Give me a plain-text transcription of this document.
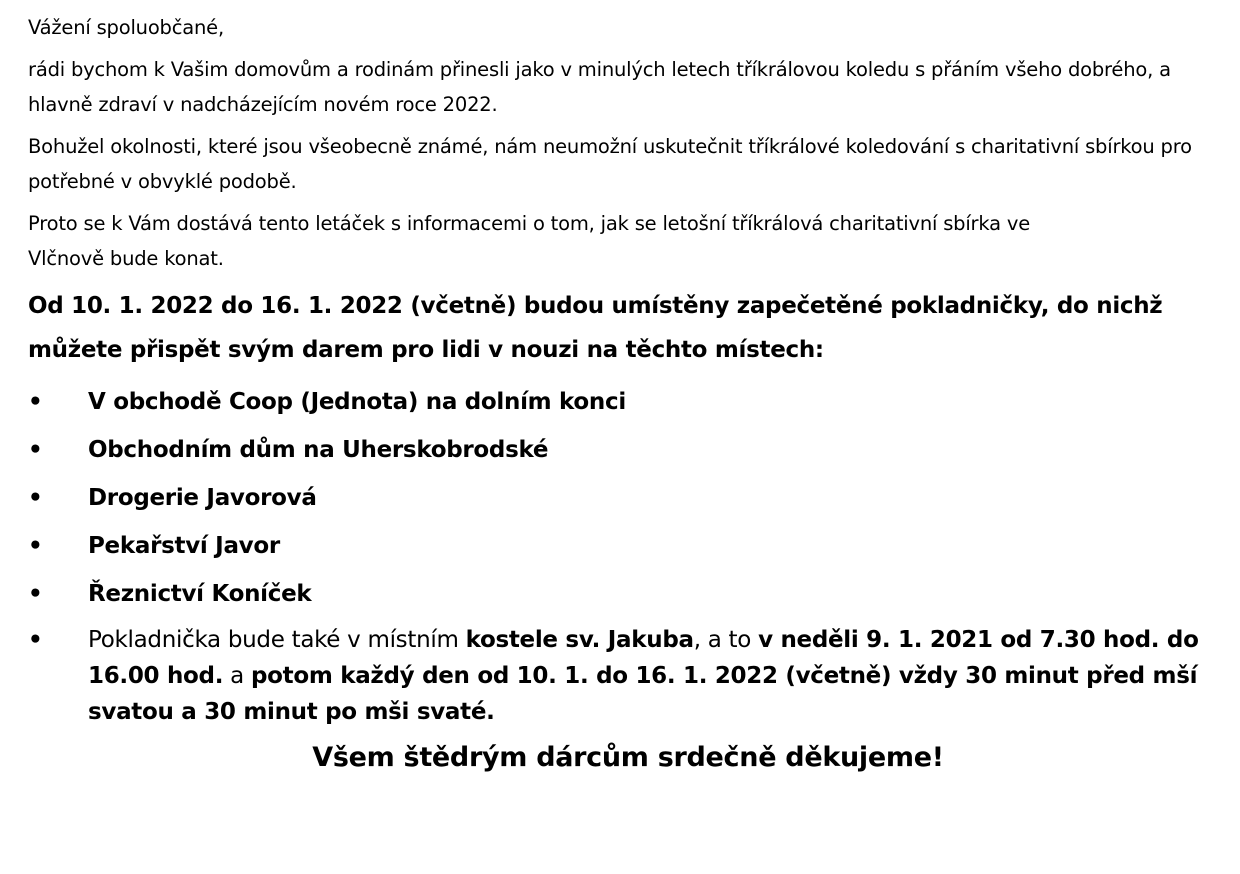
Vážení spoluobčané,

rádi bychom k Vašim domovům a rodinám přinesli jako v minulých letech tříkrálovou koledu s přáním všeho dobrého, a hlavně zdraví v nadcházejícím novém roce 2022.

Bohužel okolnosti, které jsou všeobecně známé, nám neumožní uskutečnit tříkrálové koledování s charitativní sbírkou pro potřebné v obvyklé podobě.

Proto se k Vám dostává tento letáček s informacemi o tom, jak se letošní tříkrálová charitativní sbírka ve
Vlčnově bude konat.

Od 10. 1. 2022 do 16. 1. 2022 (včetně) budou umístěny zapečetěné pokladničky, do nichž můžete přispět svým darem pro lidi v nouzi na těchto místech:

• V obchodě Coop (Jednota) na dolním konci
• Obchodním dům na Uherskobrodské
• Drogerie Javorová
• Pekařství Javor
• Řeznictví Koníček
• Pokladnička bude také v místním kostele sv. Jakuba, a to v neděli 9. 1. 2021 od 7.30 hod. do 16.00 hod. a potom každý den od 10. 1. do 16. 1. 2022 (včetně) vždy 30 minut před mší svatou a 30 minut po mši svaté.
Všem štědrým dárcům srdečně děkujeme!
